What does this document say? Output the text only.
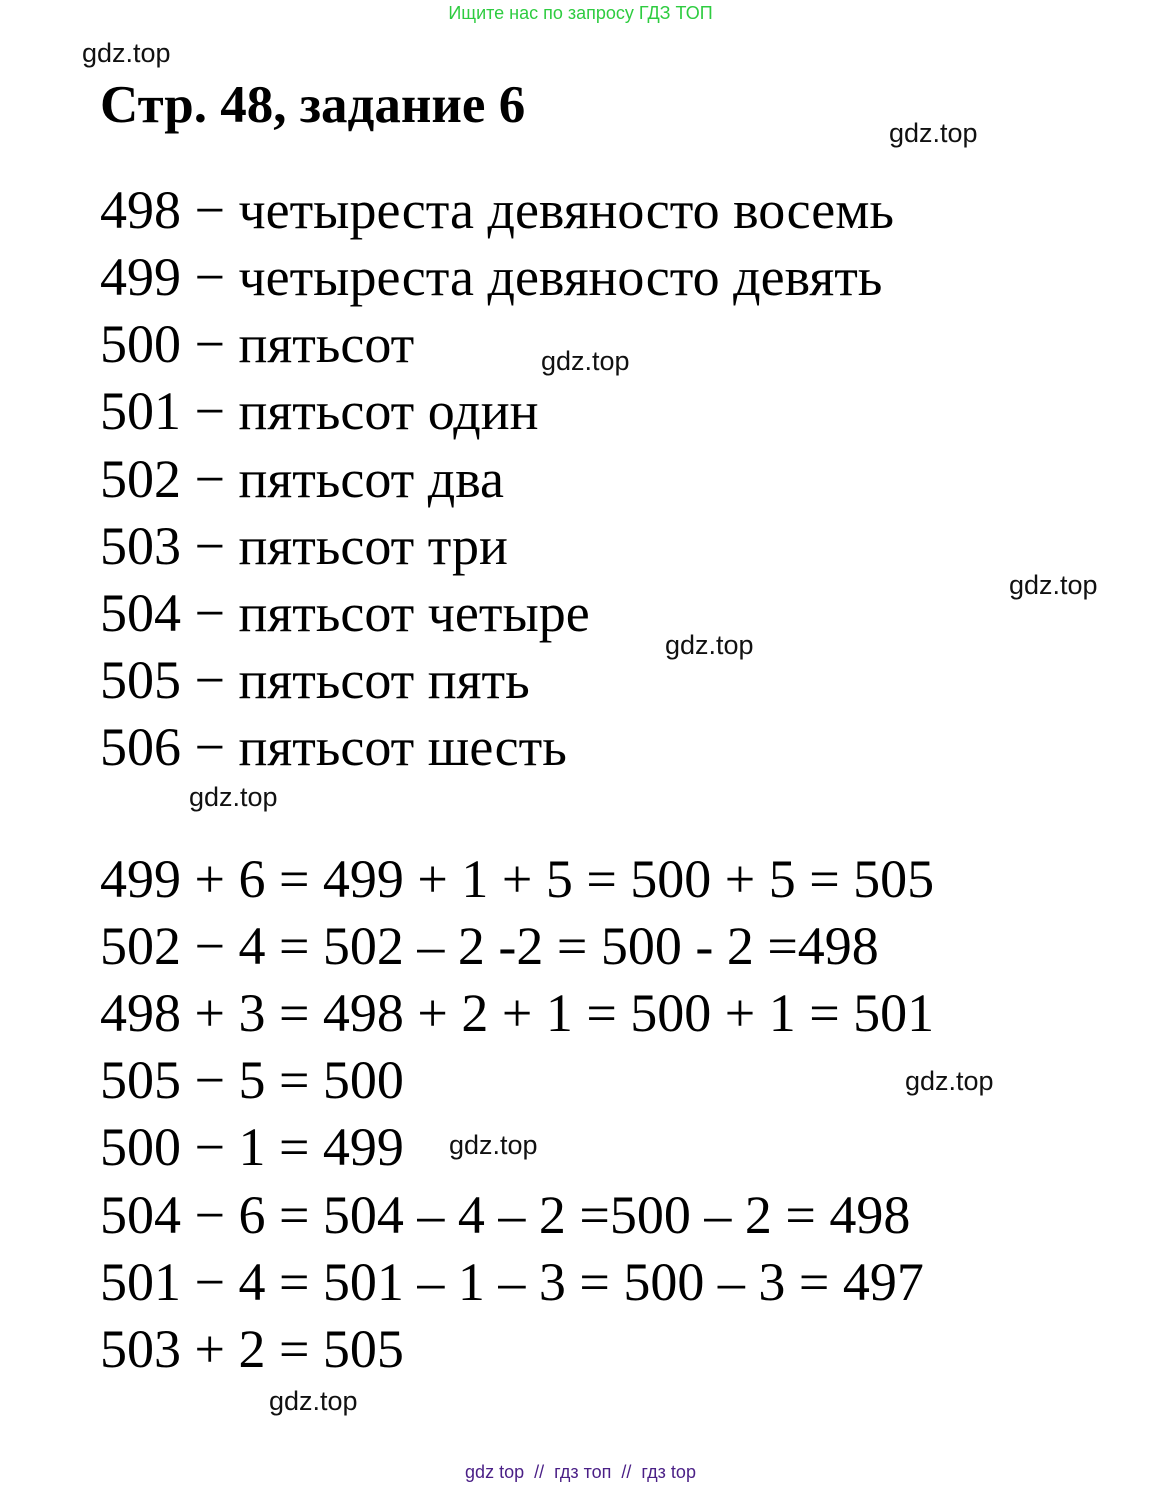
Ищите нас по запросу ГДЗ ТОП
gdz.top
Стр. 48, задание 6	gdz.top
498 − четыреста девяносто восемь
499 − четыреста девяносто девять
500 − пятьсот
501 − пятьсот один
502 − пятьсот два
503 − пятьсот три
504 − пятьсот четыре
505 − пятьсот пять
506 − пятьсот шесть
gdz.top
gdz.top
gdz.top
gdz.top
499 + 6 = 499 + 1 + 5 = 500 + 5 = 505
502 − 4 = 502 – 2 -2 = 500 - 2 =498
498 + 3 = 498 + 2 + 1 = 500 + 1 = 501
505 − 5 = 500
500 − 1 = 499
504 − 6 = 504 – 4 – 2 =500 – 2 = 498
501 − 4 = 501 – 1 – 3 = 500 – 3 = 497
503 + 2 = 505
gdz.top
gdz.top
gdz.top
gdz top  //  гдз топ  //  гдз top
